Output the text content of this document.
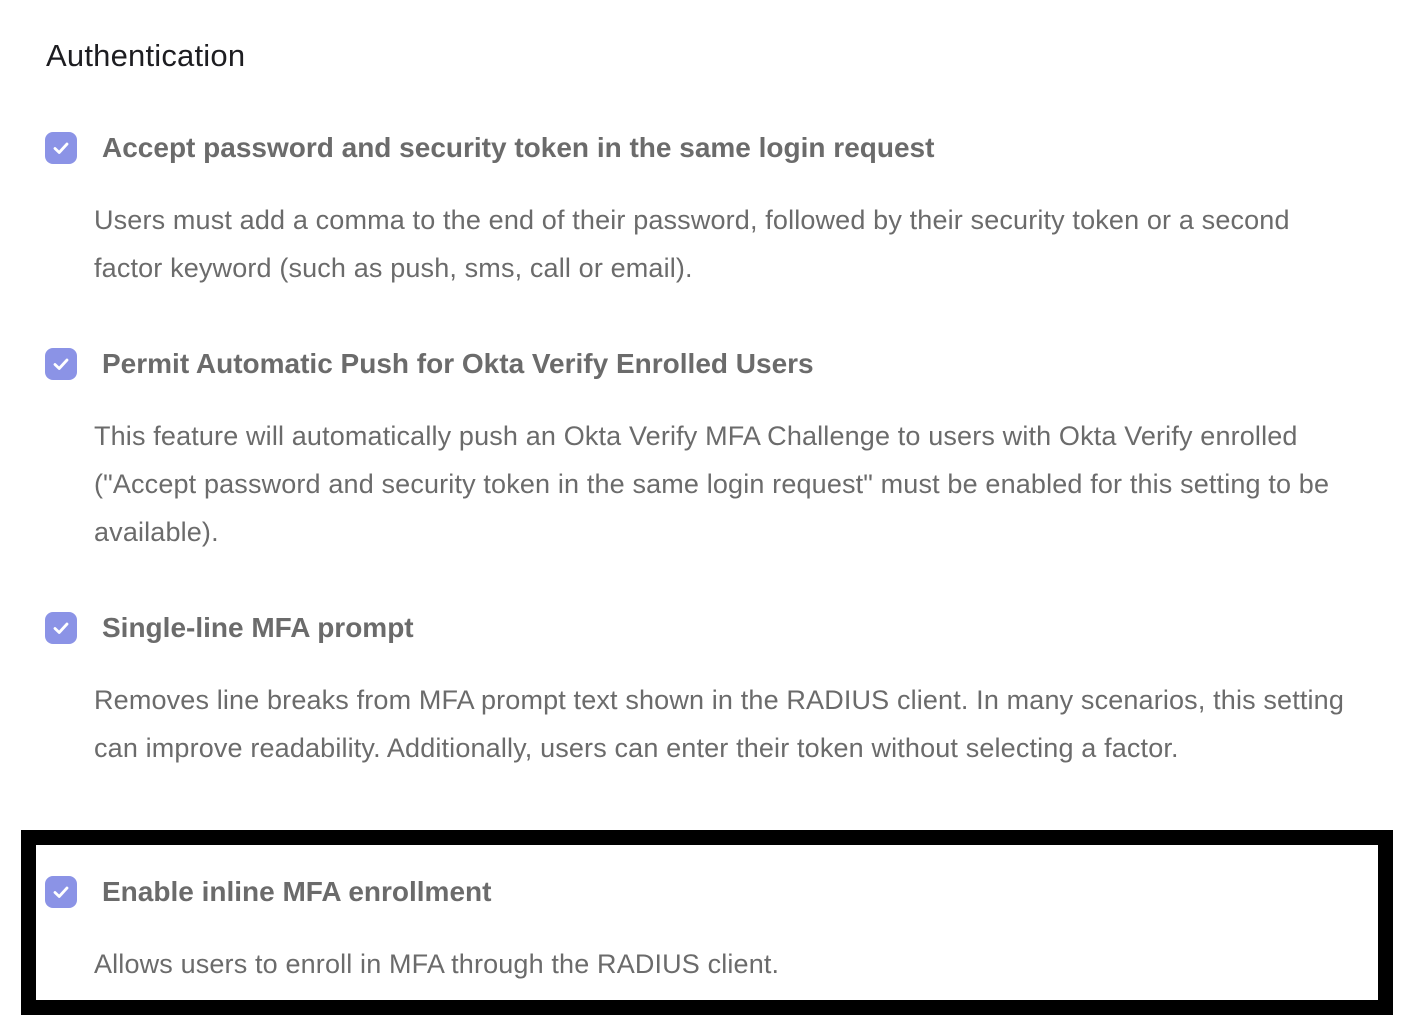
Authentication
Accept password and security token in the same login request

Users must add a comma to the end of their password, followed by their security token or a second factor keyword (such as push, sms, call or email).

Permit Automatic Push for Okta Verify Enrolled Users

This feature will automatically push an Okta Verify MFA Challenge to users with Okta Verify enrolled ("Accept password and security token in the same login request" must be enabled for this setting to be available).

Single-line MFA prompt

Removes line breaks from MFA prompt text shown in the RADIUS client. In many scenarios, this setting can improve readability. Additionally, users can enter their token without selecting a factor.

Enable inline MFA enrollment

Allows users to enroll in MFA through the RADIUS client.
